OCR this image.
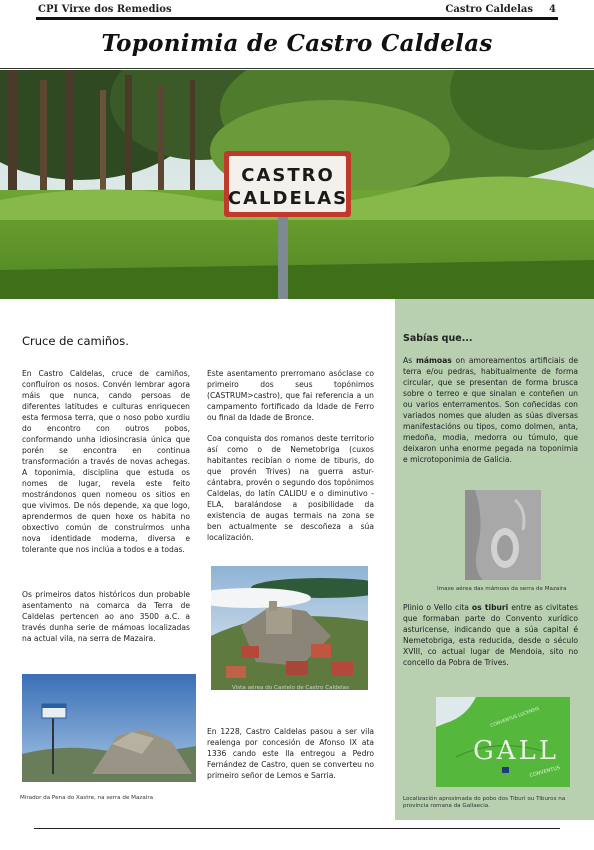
CPI Virxe dos Remedios	Castro Caldelas 4
Toponimia de Castro Caldelas
CASTRO
CALDELAS
Cruce de camiños.
En Castro Caldelas, cruce de camiños, confluíron os nosos. Convén lembrar agora máis que nunca, cando persoas de diferentes latitudes e culturas enriquecen esta fermosa terra, que o noso pobo xurdiu do encontro con outros pobos, conformando unha idiosincrasia única que porén se encontra en continua transformación a través de novas achegas. A toponimia, disciplina que estuda os nomes de lugar, revela este feito mostrándonos quen nomeou os sitios en que vivimos. De nós depende, xa que logo, aprendermos de quen hoxe os habita no obxectivo común de construírmos unha nova identidade moderna, diversa e tolerante que nos inclúa a todos e a todas.
Os primeiros datos históricos dun probable asentamento na comarca da Terra de Caldelas pertencen ao ano 3500 a.C. a través dunha serie de mámoas localizadas na actual vila, na serra de Mazaira.
Mirador da Pena do Xastre, na serra de Mazaira
Este asentamento prerromano asócIase co primeiro dos seus topónimos (CASTRUM>castro), que fai referencia a un campamento fortificado da Idade de Ferro ou final da Idade de Bronce.
Coa conquista dos romanos deste territorio así como o de Nemetobriga (cuxos habitantes recibían o nome de tiburis, do que provén Trives) na guerra astur-cántabra, provén o segundo dos topónimos Caldelas, do latín CALIDU e o diminutivo -ELA, baralándose a posibilidade da existencia de augas termais na zona se ben actualmente se descoñeza a súa localización.
Vista aérea do Castelo de Castro Caldelas
En 1228, Castro Caldelas pasou a ser vila realenga por concesión de Afonso IX ata 1336 cando este lla entregou a Pedro Fernández de Castro, quen se converteu no primeiro señor de Lemos e Sarria.
Sabías que...
As mámoas on amoreamentos artificiais de terra e/ou pedras, habitualmente de forma circular, que se presentan de forma brusca sobre o terreo e que sinalan e conteñen un ou varios enterramentos. Son coñecidas con variados nomes que aluden as súas diversas manifestacións ou tipos, como dolmen, anta, medoña, modia, medorra ou túmulo, que deixaron unha enorme pegada na toponimia e microtoponimia de Galicia.
Imaxe aérea das mámoas da serra de Mazaira
Plinio o Vello cita os tiburi entre as civitates que formaban parte do Convento xurídico asturicense, indicando que a súa capital é Nemetobriga, esta reducida, desde o século XVIII, co actual lugar de Mendoia, sito no concello da Pobra de Trives.
GALL
CONVENTUS LUCENSIS
CONVENTUS
Localización aproximada do pobo dos Tiburi ou Tiburos na provincia romana da Gallaecia.
